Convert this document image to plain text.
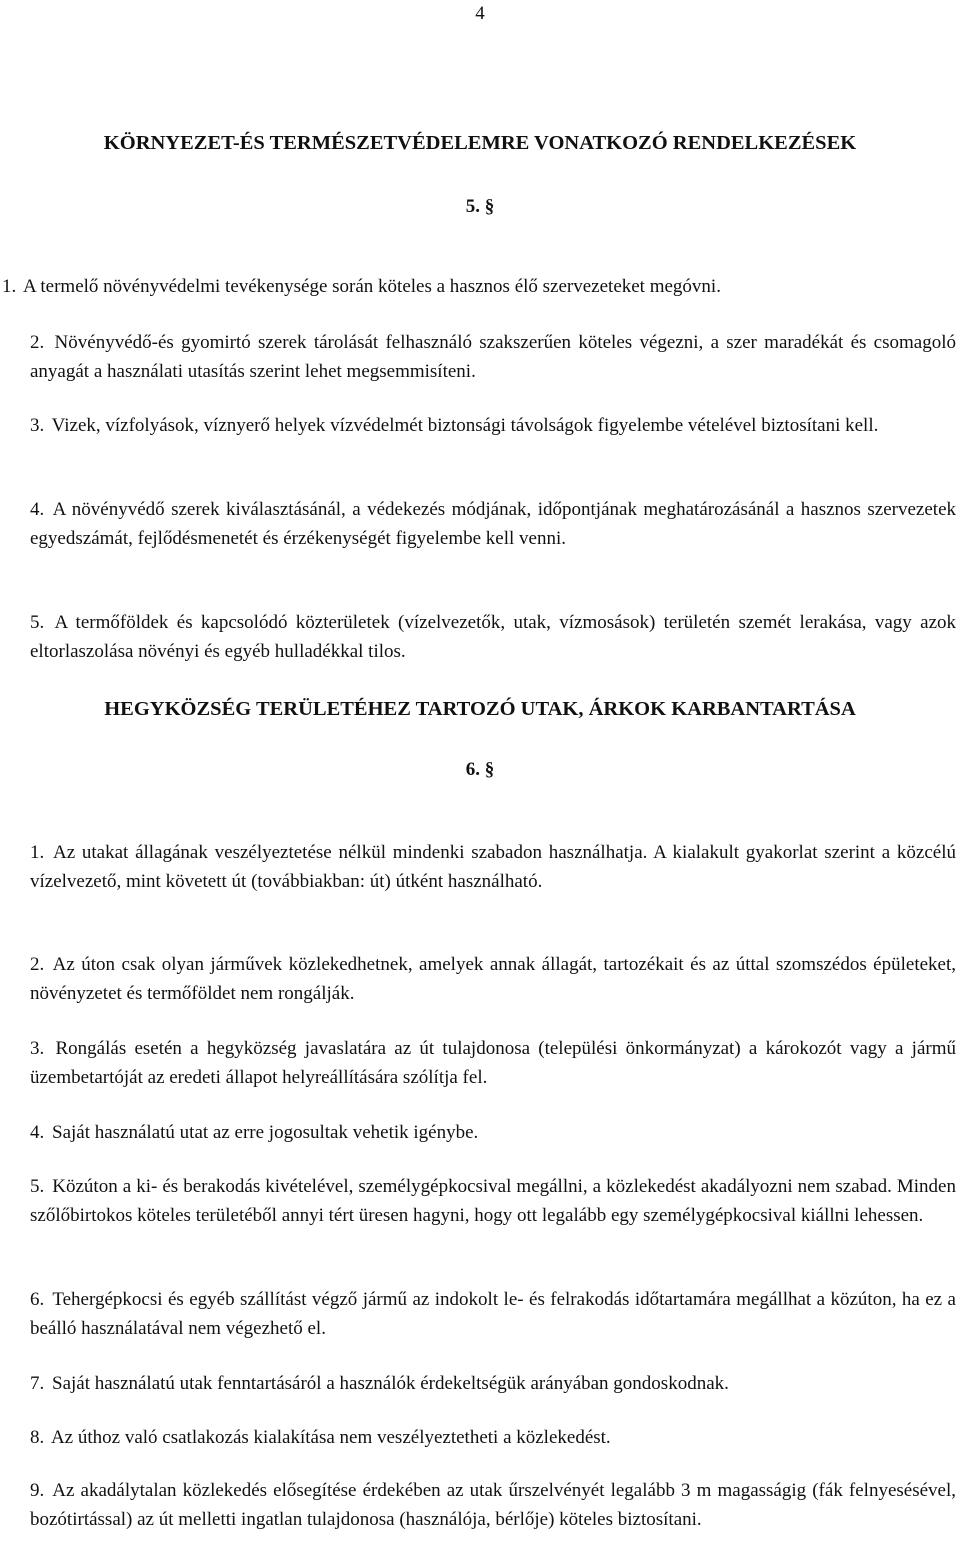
4
KÖRNYEZET-ÉS TERMÉSZETVÉDELEMRE VONATKOZÓ RENDELKEZÉSEK
5. §

1. A termelő növényvédelmi tevékenysége során köteles a hasznos élő szervezeteket megóvni.

2. Növényvédő-és gyomirtó szerek tárolását felhasználó szakszerűen köteles végezni, a szer maradékát és csomagoló anyagát a használati utasítás szerint lehet megsemmisíteni.

3. Vizek, vízfolyások, víznyerő helyek vízvédelmét biztonsági távolságok figyelembe vételével biztosítani kell.

4. A növényvédő szerek kiválasztásánál, a védekezés módjának, időpontjának meghatározásánál a hasznos szervezetek egyedszámát, fejlődésmenetét és érzékenységét figyelembe kell venni.

5. A termőföldek és kapcsolódó közterületek (vízelvezetők, utak, vízmosások) területén szemét lerakása, vagy azok eltorlaszolása növényi és egyéb hulladékkal tilos.

HEGYKÖZSÉG TERÜLETÉHEZ TARTOZÓ UTAK, ÁRKOK KARBANTARTÁSA
6. §

1. Az utakat állagának veszélyeztetése nélkül mindenki szabadon használhatja. A kialakult gyakorlat szerint a közcélú vízelvezető, mint követett út (továbbiakban: út) útként használható.

2. Az úton csak olyan járművek közlekedhetnek, amelyek annak állagát, tartozékait és az úttal szomszédos épületeket, növényzetet és termőföldet nem rongálják.

3. Rongálás esetén a hegyközség javaslatára az út tulajdonosa (települési önkormányzat) a károkozót vagy a jármű üzembetartóját az eredeti állapot helyreállítására szólítja fel.

4. Saját használatú utat az erre jogosultak vehetik igénybe.

5. Közúton a ki- és berakodás kivételével, személygépkocsival megállni, a közlekedést akadályozni nem szabad. Minden szőlőbirtokos köteles területéből annyi tért üresen hagyni, hogy ott legalább egy személygépkocsival kiállni lehessen.

6. Tehergépkocsi és egyéb szállítást végző jármű az indokolt le- és felrakodás időtartamára megállhat a közúton, ha ez a beálló használatával nem végezhető el.

7. Saját használatú utak fenntartásáról a használók érdekeltségük arányában gondoskodnak.

8. Az úthoz való csatlakozás kialakítása nem veszélyeztetheti a közlekedést.

9. Az akadálytalan közlekedés elősegítése érdekében az utak űrszelvényét legalább 3 m magasságig (fák felnyesésével, bozótirtással) az út melletti ingatlan tulajdonosa (használója, bérlője) köteles biztosítani.
